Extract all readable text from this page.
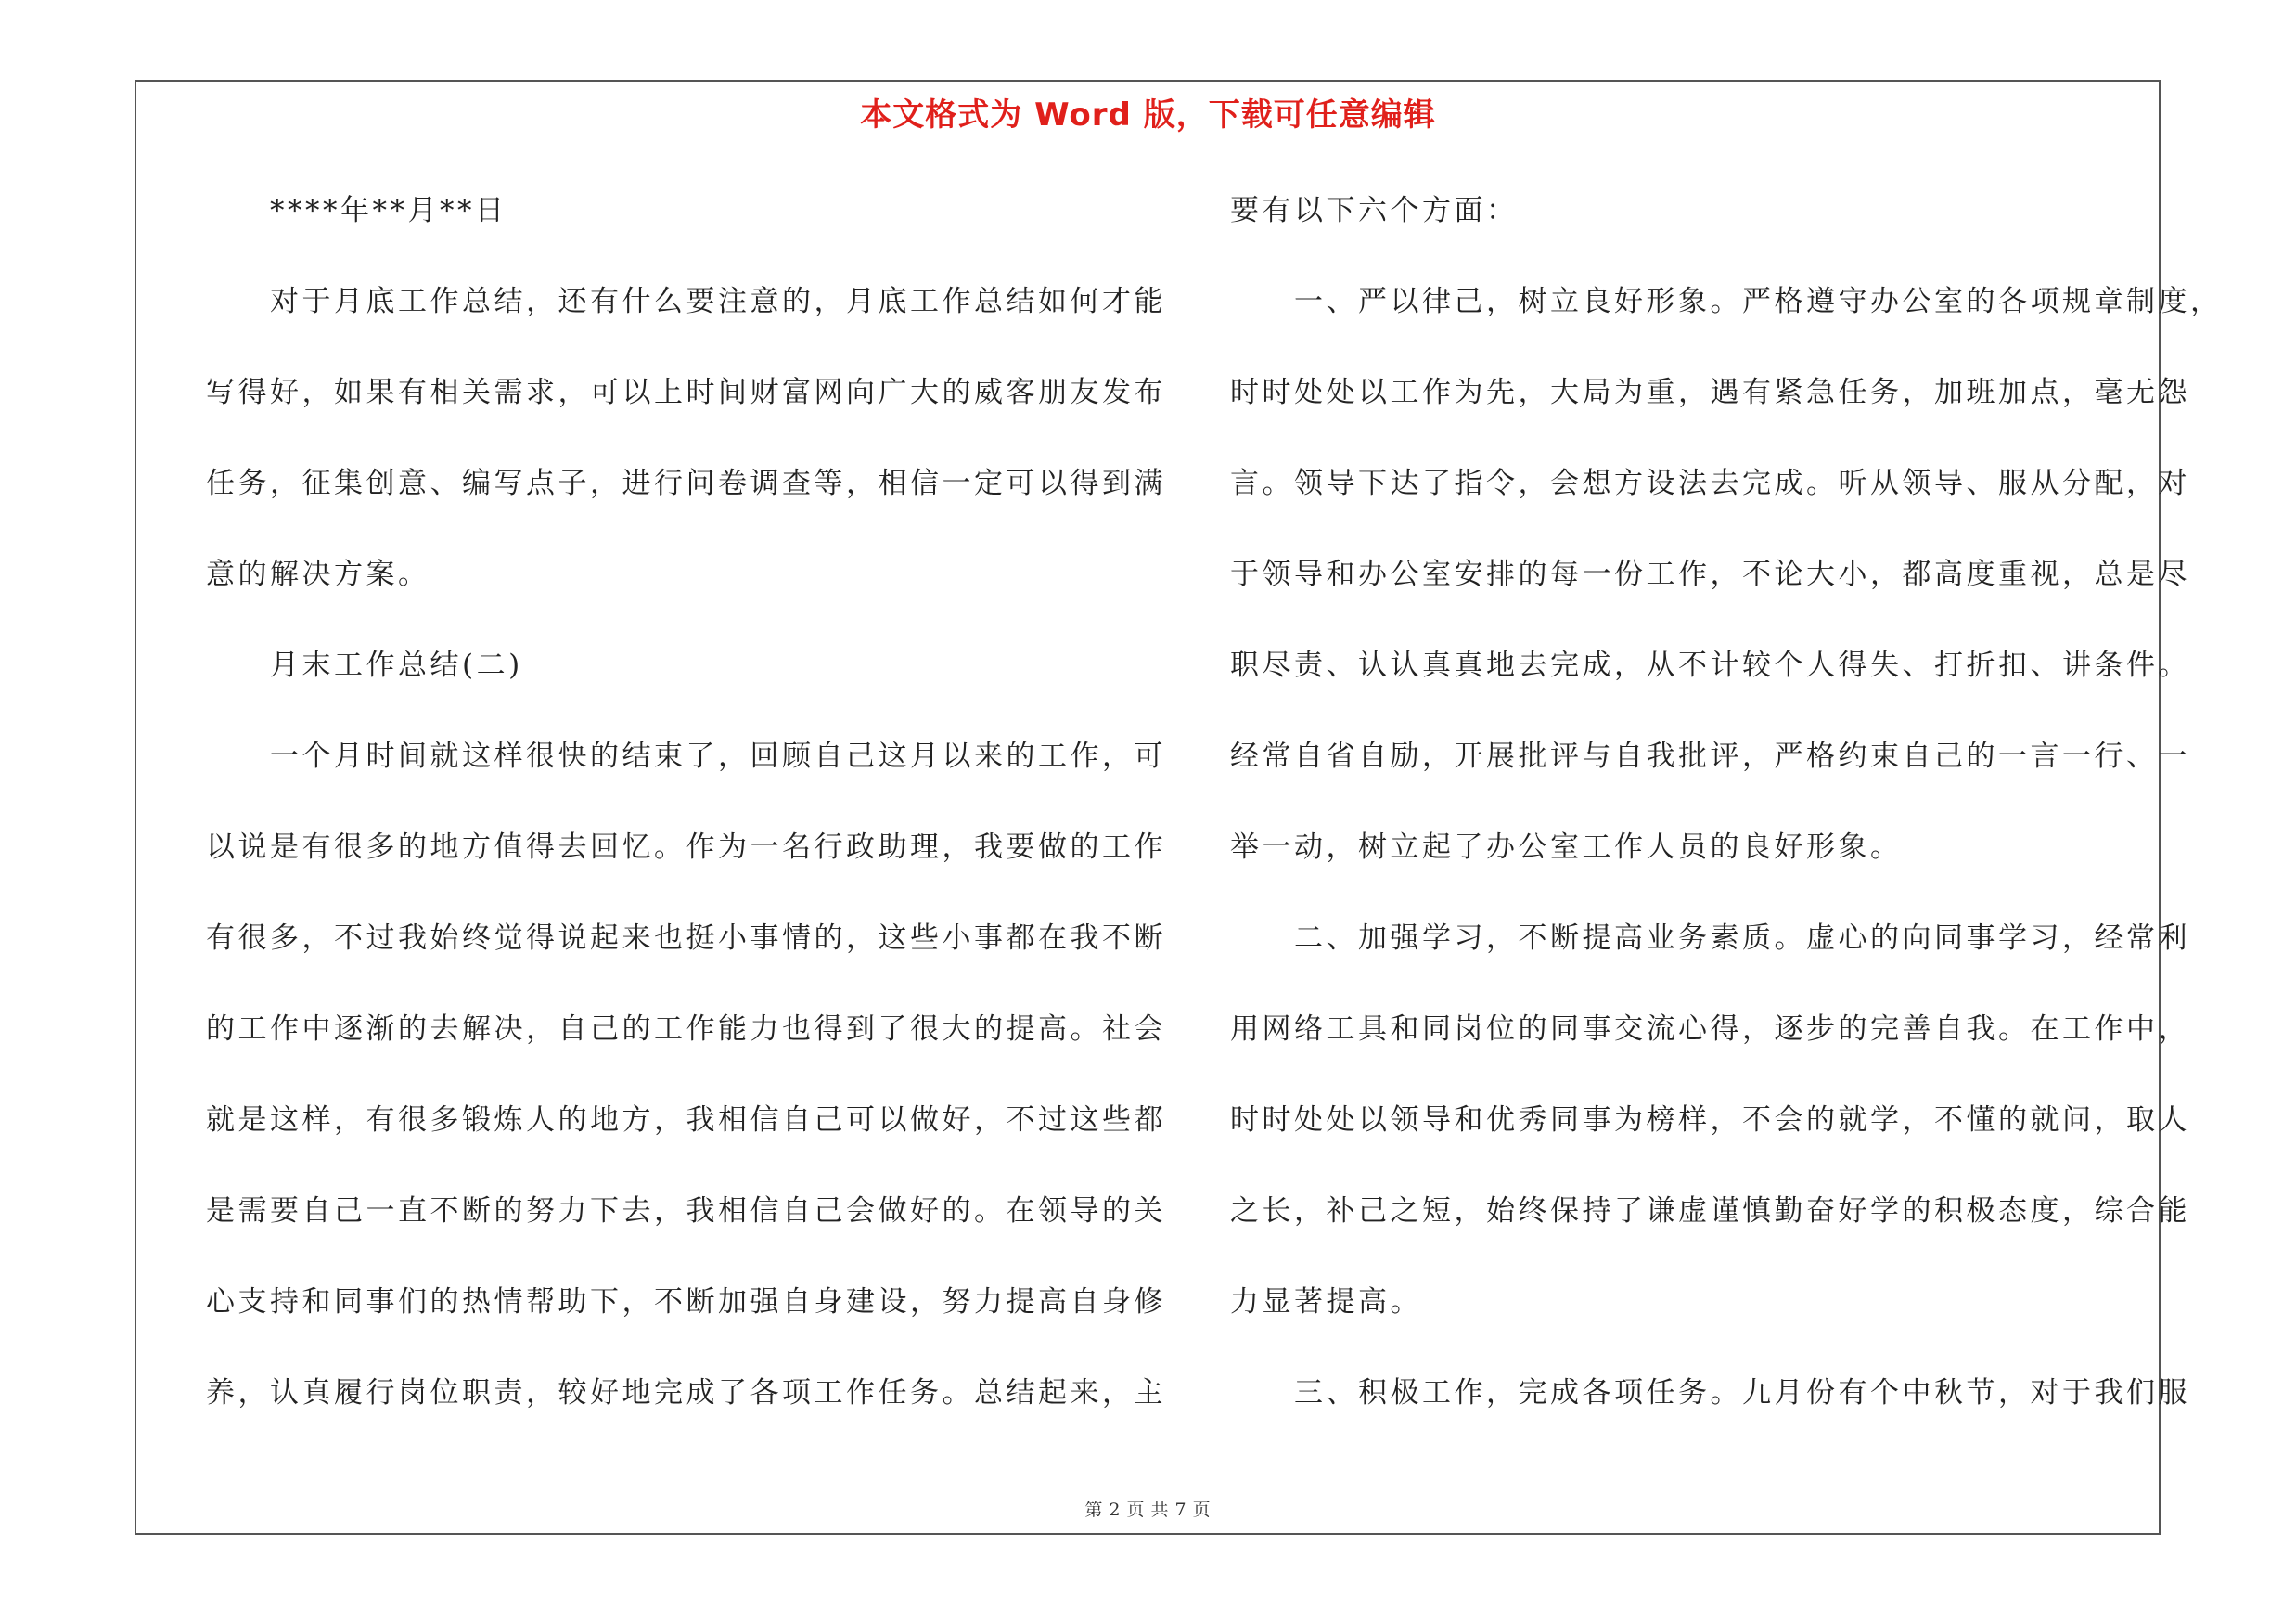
本文格式为 Word 版，下载可任意编辑
　　****年**月**日
　　对于月底工作总结，还有什么要注意的，月底工作总结如何才能
写得好，如果有相关需求，可以上时间财富网向广大的威客朋友发布
任务，征集创意、编写点子，进行问卷调查等，相信一定可以得到满
意的解决方案。
　　月末工作总结(二)
　　一个月时间就这样很快的结束了，回顾自己这月以来的工作，可
以说是有很多的地方值得去回忆。作为一名行政助理，我要做的工作
有很多，不过我始终觉得说起来也挺小事情的，这些小事都在我不断
的工作中逐渐的去解决，自己的工作能力也得到了很大的提高。社会
就是这样，有很多锻炼人的地方，我相信自己可以做好，不过这些都
是需要自己一直不断的努力下去，我相信自己会做好的。在领导的关
心支持和同事们的热情帮助下，不断加强自身建设，努力提高自身修
养，认真履行岗位职责，较好地完成了各项工作任务。总结起来，主
要有以下六个方面：
　　一、严以律己，树立良好形象。严格遵守办公室的各项规章制度，
时时处处以工作为先，大局为重，遇有紧急任务，加班加点，毫无怨
言。领导下达了指令，会想方设法去完成。听从领导、服从分配，对
于领导和办公室安排的每一份工作，不论大小，都高度重视，总是尽
职尽责、认认真真地去完成，从不计较个人得失、打折扣、讲条件。
经常自省自励，开展批评与自我批评，严格约束自己的一言一行、一
举一动，树立起了办公室工作人员的良好形象。
　　二、加强学习，不断提高业务素质。虚心的向同事学习，经常利
用网络工具和同岗位的同事交流心得，逐步的完善自我。在工作中，
时时处处以领导和优秀同事为榜样，不会的就学，不懂的就问，取人
之长，补己之短，始终保持了谦虚谨慎勤奋好学的积极态度，综合能
力显著提高。
　　三、积极工作，完成各项任务。九月份有个中秋节，对于我们服
第 2 页 共 7 页
